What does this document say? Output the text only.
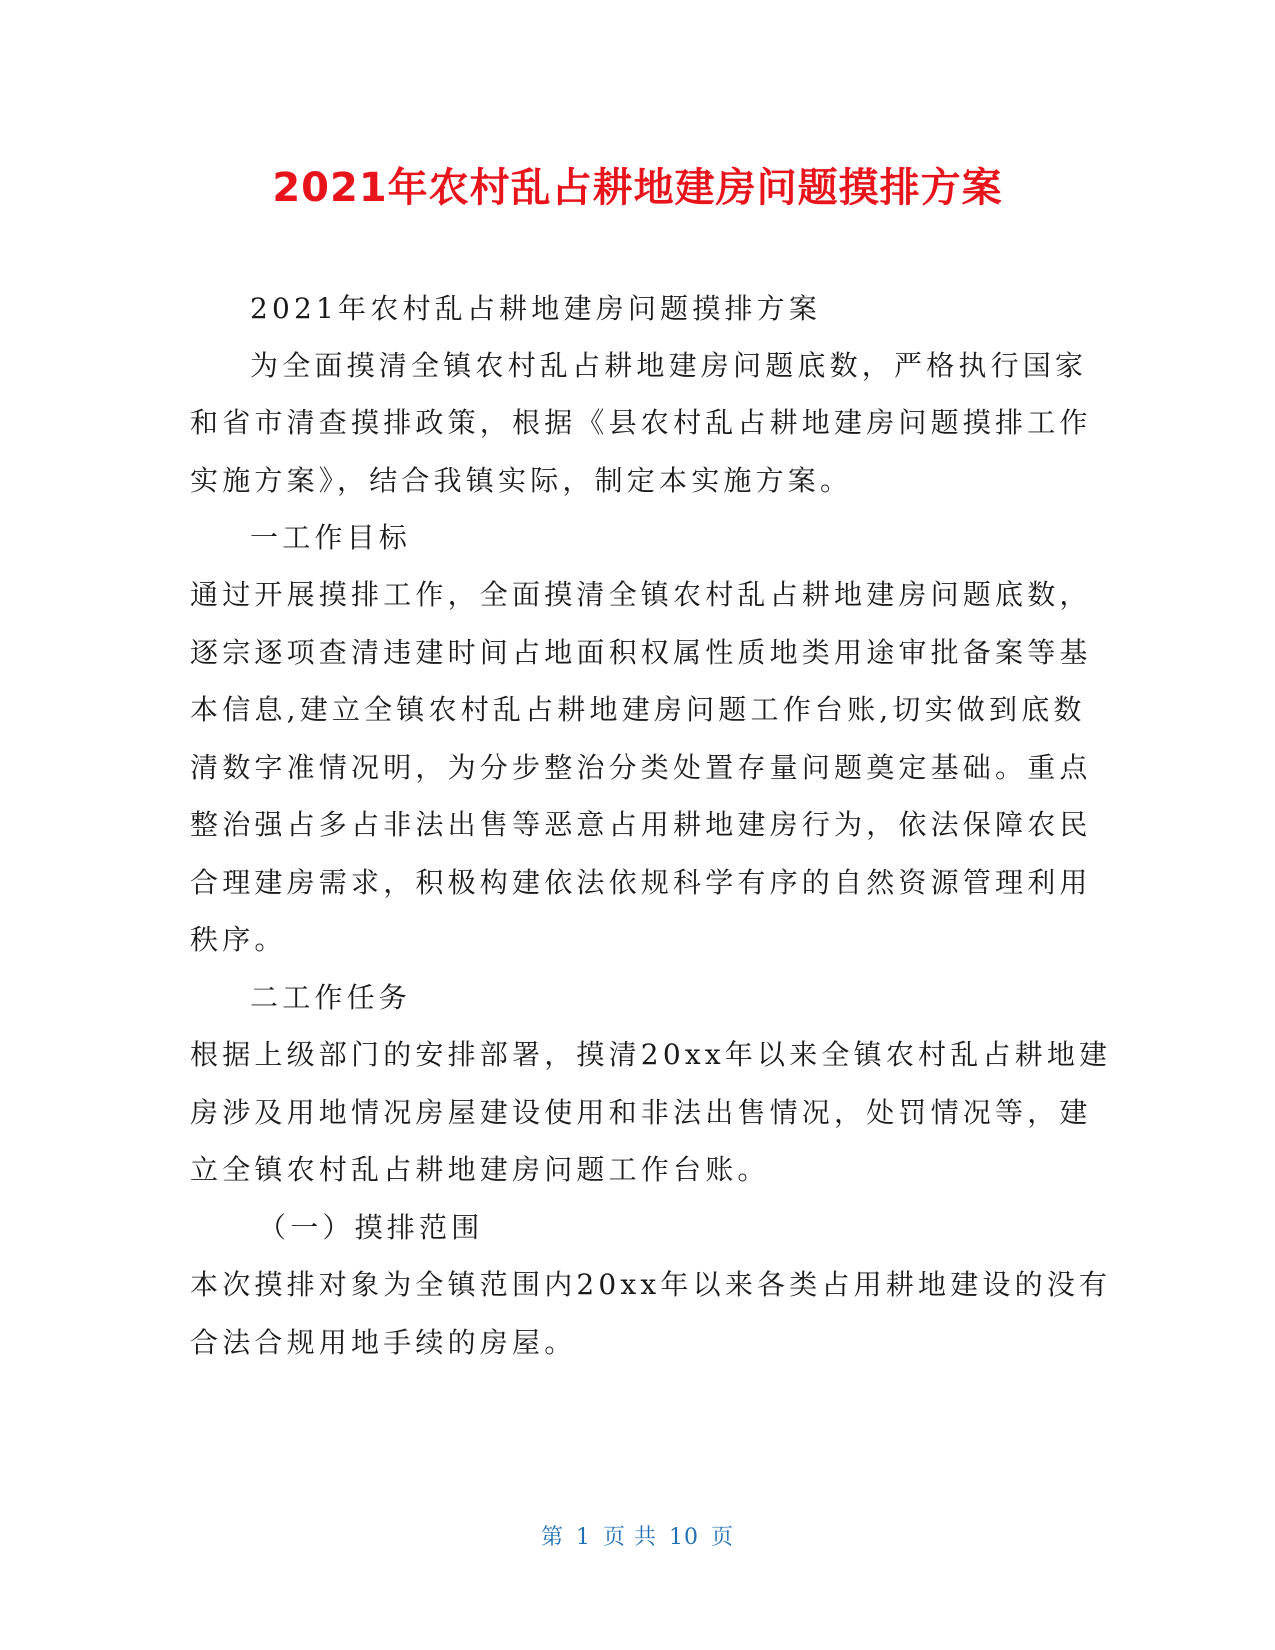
2021年农村乱占耕地建房问题摸排方案
2021年农村乱占耕地建房问题摸排方案
为全面摸清全镇农村乱占耕地建房问题底数，严格执行国家
和省市清查摸排政策，根据《县农村乱占耕地建房问题摸排工作
实施方案》，结合我镇实际，制定本实施方案。
一工作目标
通过开展摸排工作，全面摸清全镇农村乱占耕地建房问题底数，
逐宗逐项查清违建时间占地面积权属性质地类用途审批备案等基
本信息,建立全镇农村乱占耕地建房问题工作台账,切实做到底数
清数字准情况明，为分步整治分类处置存量问题奠定基础。重点
整治强占多占非法出售等恶意占用耕地建房行为，依法保障农民
合理建房需求，积极构建依法依规科学有序的自然资源管理利用
秩序。
二工作任务
根据上级部门的安排部署，摸清20xx年以来全镇农村乱占耕地建
房涉及用地情况房屋建设使用和非法出售情况，处罚情况等，建
立全镇农村乱占耕地建房问题工作台账。
（一）摸排范围
本次摸排对象为全镇范围内20xx年以来各类占用耕地建设的没有
合法合规用地手续的房屋。
第 1 页 共 10 页
